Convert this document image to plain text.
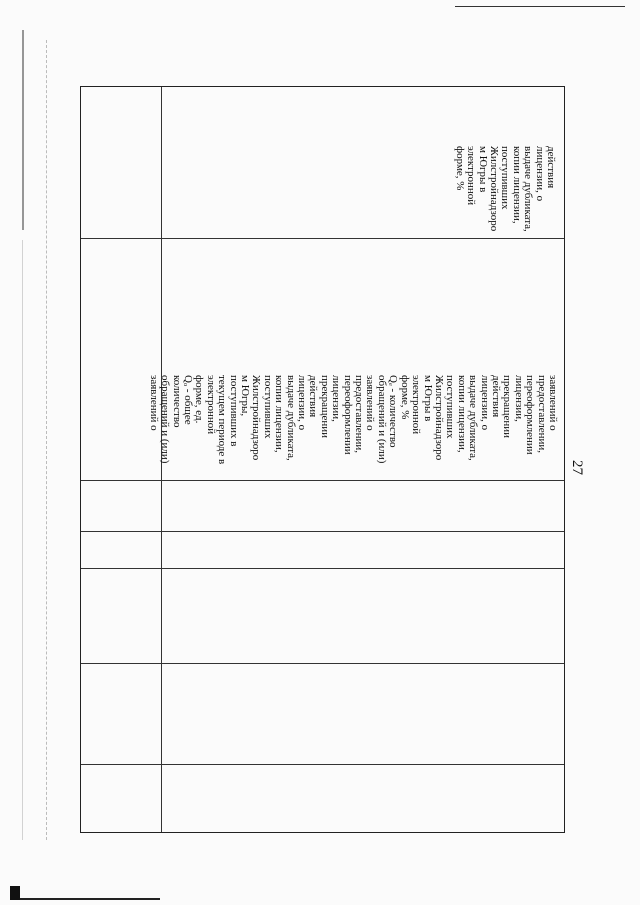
27
действия
лицензии, о
выдаче дубликата,
копии лицензии,
поступивших
Жилстройнадзоро
м Югры в
электронной
форме, %
заявлений о
предоставлении,
переоформлении
лицензии,
прекращении
действия
лицензии, о
выдаче дубликата,
копии лицензии,
поступивших
Жилстройнадзоро
м Югры в
электронной
форме, %
Qₑ - количество
обращений и (или)
заявлений о
предоставлении,
переоформлении
лицензии,
прекращении
действия
лицензии, о
выдаче дубликата,
копии лицензии,
поступивших
Жилстройнадзоро
м Югры,
поступивших в
текущем периоде в
электронной
форме, ед.
Qₒ - общее
количество
обращений и (или)
заявлений о
